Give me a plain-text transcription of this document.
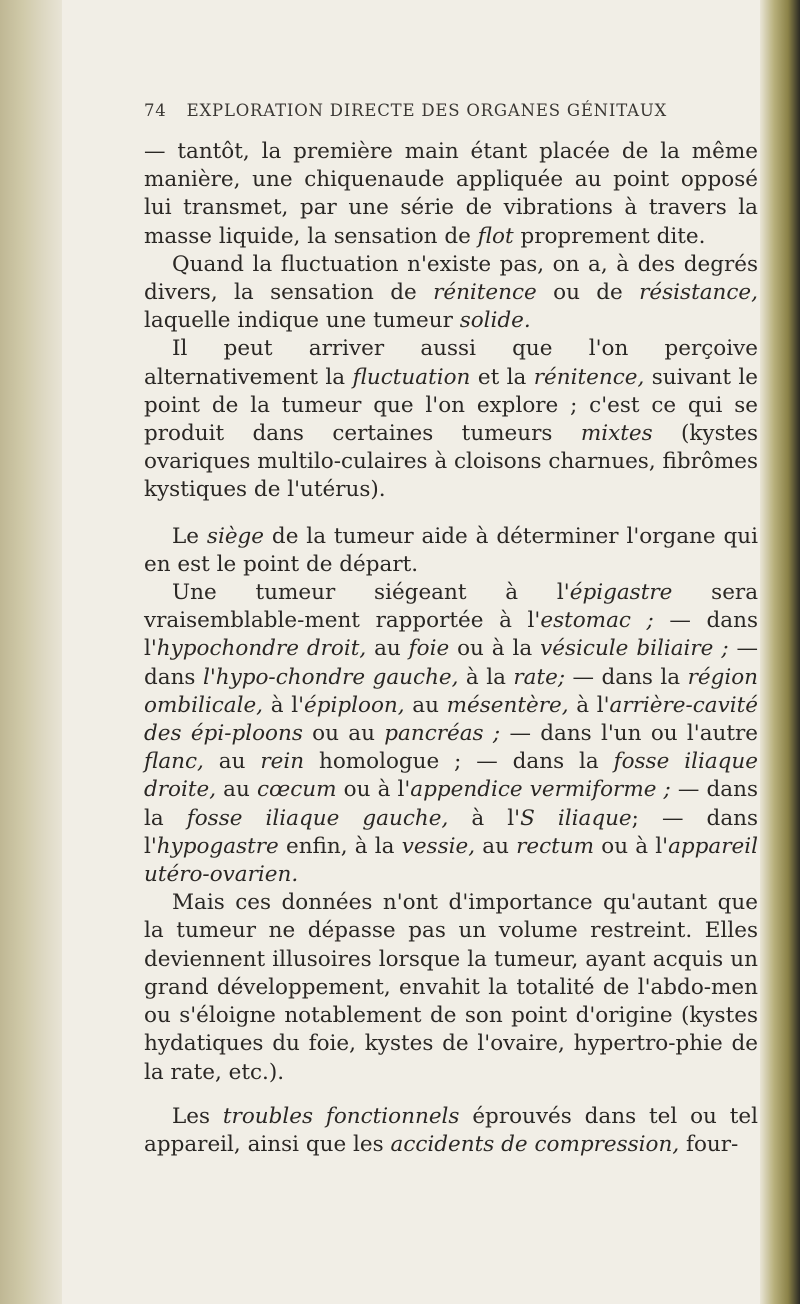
74 EXPLORATION DIRECTE DES ORGANES GÉNITAUX

— tantôt, la première main étant placée de la même manière, une chiquenaude appliquée au point opposé lui transmet, par une série de vibrations à travers la masse liquide, la sensation de flot proprement dite.

Quand la fluctuation n'existe pas, on a, à des degrés divers, la sensation de rénitence ou de résistance, laquelle indique une tumeur solide.

Il peut arriver aussi que l'on perçoive alternativement la fluctuation et la rénitence, suivant le point de la tumeur que l'on explore ; c'est ce qui se produit dans certaines tumeurs mixtes (kystes ovariques multilo-culaires à cloisons charnues, fibrômes kystiques de l'utérus).

Le siège de la tumeur aide à déterminer l'organe qui en est le point de départ.

Une tumeur siégeant à l'épigastre sera vraisemblable-ment rapportée à l'estomac ; — dans l'hypochondre droit, au foie ou à la vésicule biliaire ; — dans l'hypo-chondre gauche, à la rate; — dans la région ombilicale, à l'épiploon, au mésentère, à l'arrière-cavité des épi-ploons ou au pancréas ; — dans l'un ou l'autre flanc, au rein homologue ; — dans la fosse iliaque droite, au cœcum ou à l'appendice vermiforme ; — dans la fosse iliaque gauche, à l'S iliaque; — dans l'hypogastre enfin, à la vessie, au rectum ou à l'appareil utéro-ovarien.

Mais ces données n'ont d'importance qu'autant que la tumeur ne dépasse pas un volume restreint. Elles deviennent illusoires lorsque la tumeur, ayant acquis un grand développement, envahit la totalité de l'abdo-men ou s'éloigne notablement de son point d'origine (kystes hydatiques du foie, kystes de l'ovaire, hypertro-phie de la rate, etc.).

Les troubles fonctionnels éprouvés dans tel ou tel appareil, ainsi que les accidents de compression, four-
